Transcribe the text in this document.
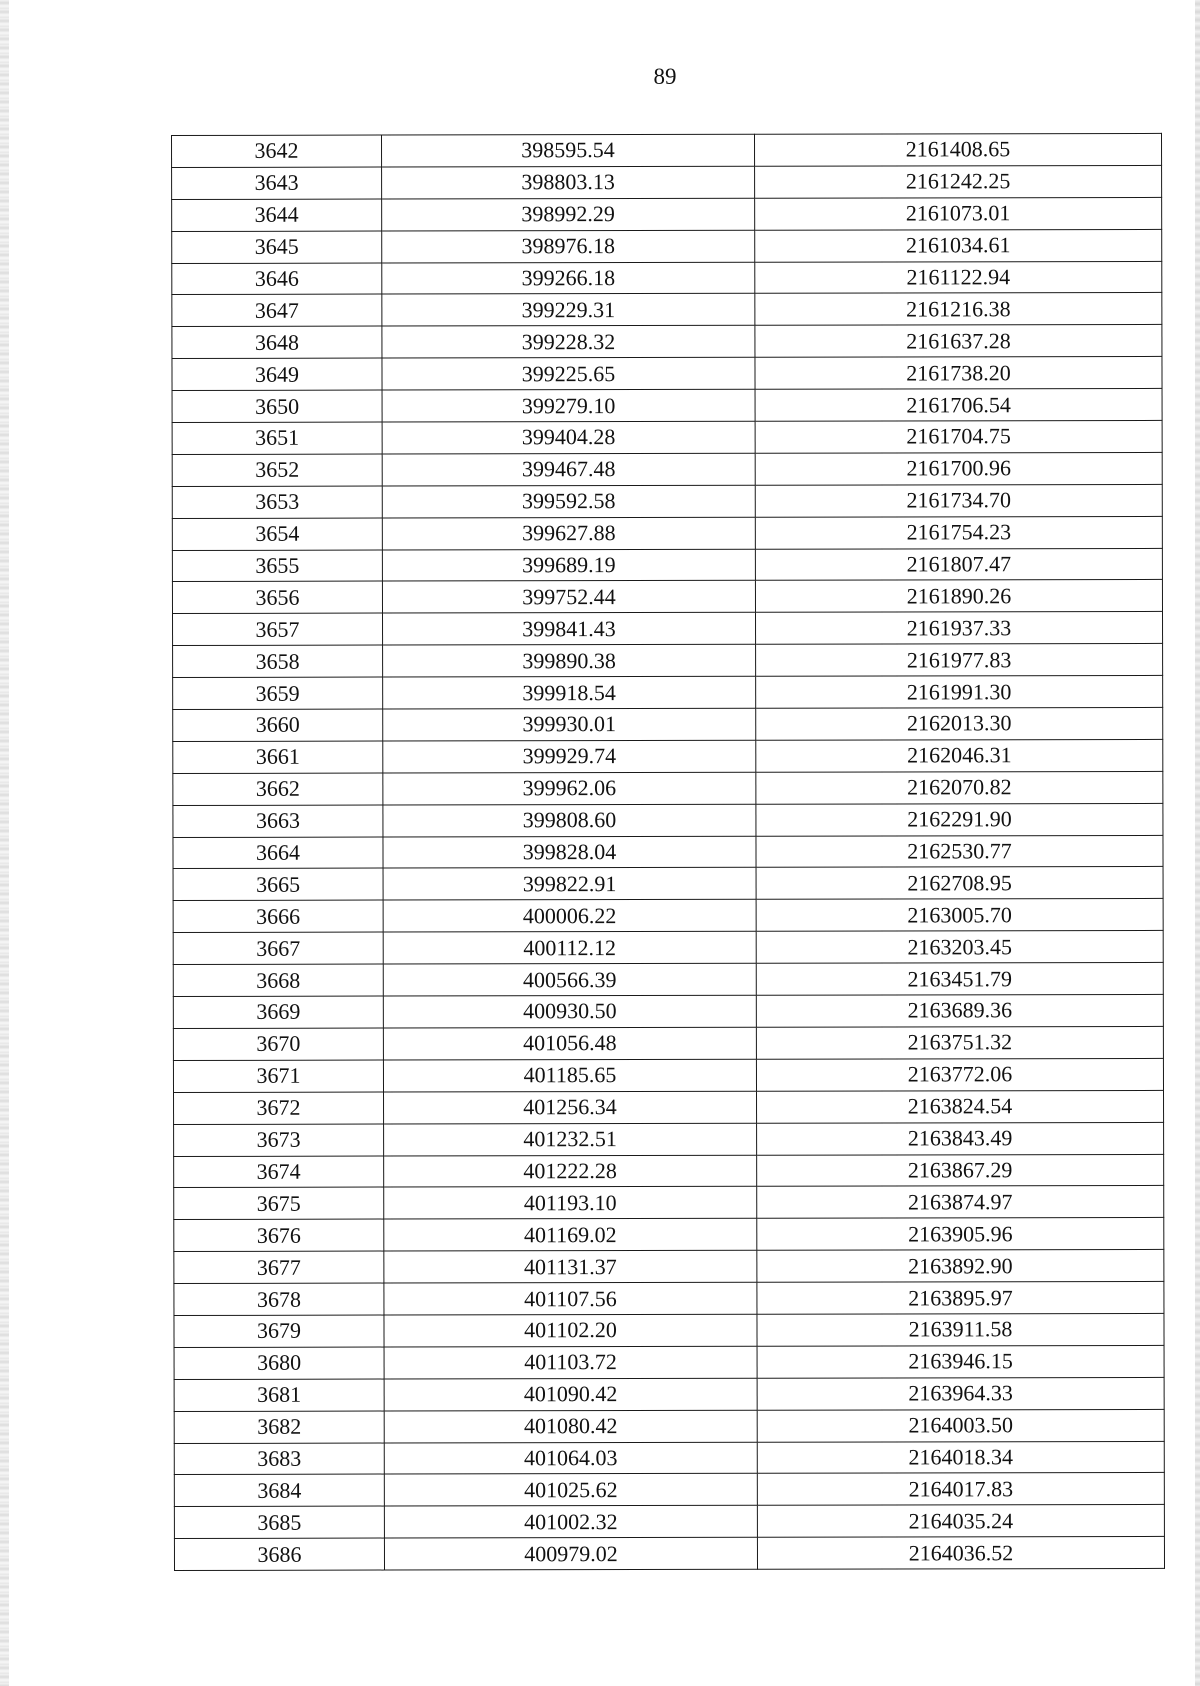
89
3642	398595.54	2161408.65
3643	398803.13	2161242.25
3644	398992.29	2161073.01
3645	398976.18	2161034.61
3646	399266.18	2161122.94
3647	399229.31	2161216.38
3648	399228.32	2161637.28
3649	399225.65	2161738.20
3650	399279.10	2161706.54
3651	399404.28	2161704.75
3652	399467.48	2161700.96
3653	399592.58	2161734.70
3654	399627.88	2161754.23
3655	399689.19	2161807.47
3656	399752.44	2161890.26
3657	399841.43	2161937.33
3658	399890.38	2161977.83
3659	399918.54	2161991.30
3660	399930.01	2162013.30
3661	399929.74	2162046.31
3662	399962.06	2162070.82
3663	399808.60	2162291.90
3664	399828.04	2162530.77
3665	399822.91	2162708.95
3666	400006.22	2163005.70
3667	400112.12	2163203.45
3668	400566.39	2163451.79
3669	400930.50	2163689.36
3670	401056.48	2163751.32
3671	401185.65	2163772.06
3672	401256.34	2163824.54
3673	401232.51	2163843.49
3674	401222.28	2163867.29
3675	401193.10	2163874.97
3676	401169.02	2163905.96
3677	401131.37	2163892.90
3678	401107.56	2163895.97
3679	401102.20	2163911.58
3680	401103.72	2163946.15
3681	401090.42	2163964.33
3682	401080.42	2164003.50
3683	401064.03	2164018.34
3684	401025.62	2164017.83
3685	401002.32	2164035.24
3686	400979.02	2164036.52
